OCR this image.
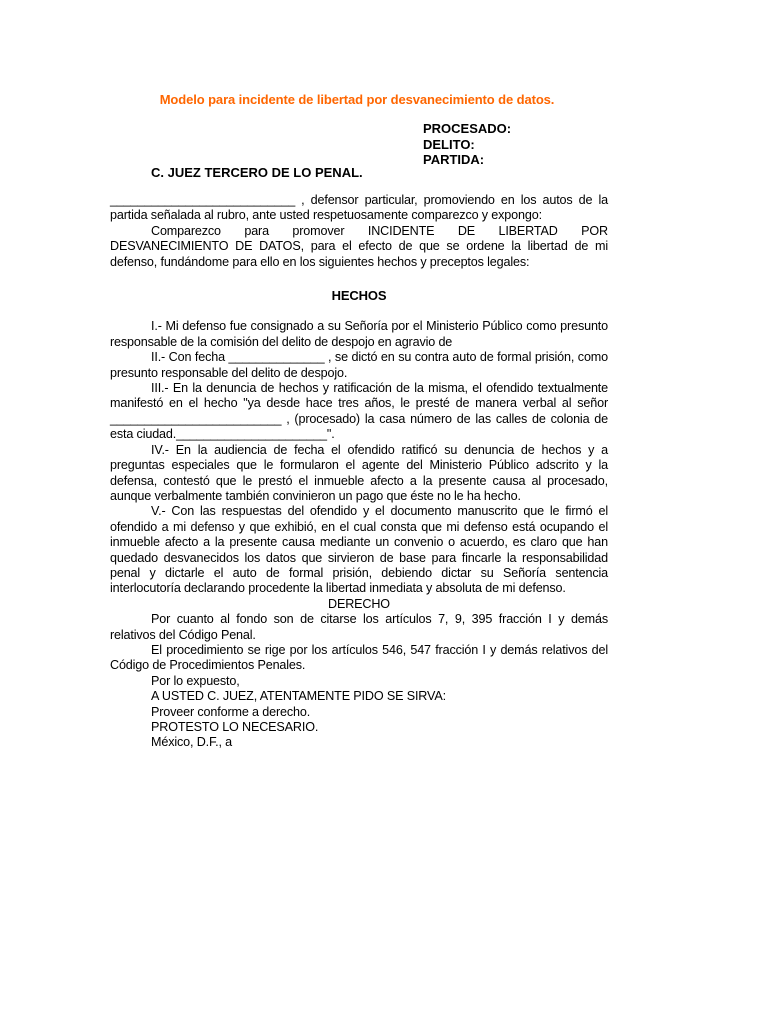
Modelo para incidente de libertad por desvanecimiento de datos.
PROCESADO:
DELITO:
PARTIDA:
C. JUEZ TERCERO DE LO PENAL.

___________________________ , defensor particular, promoviendo en los autos de la partida señalada al rubro, ante usted respetuosamente comparezco y expongo:

Comparezco para promover INCIDENTE DE LIBERTAD POR DESVANECIMIENTO DE DATOS, para el efecto de que se ordene la libertad de mi defenso, fundándome para ello en los siguientes hechos y preceptos legales:

HECHOS

I.- Mi defenso fue consignado a su Señoría por el Ministerio Público como presunto responsable de la comisión del delito de despojo en agravio de

II.- Con fecha ______________ , se dictó en su contra auto de formal prisión, como presunto responsable del delito de despojo.

III.- En la denuncia de hechos y ratificación de la misma, el ofendido textualmente manifestó en el hecho "ya desde hace tres años, le presté de manera verbal al señor _________________________ , (procesado) la casa número de las calles de colonia de esta ciudad.______________________".

IV.- En la audiencia de fecha el ofendido ratificó su denuncia de hechos y a preguntas especiales que le formularon el agente del Ministerio Público adscrito y la defensa, contestó que le prestó el inmueble afecto a la presente causa al procesado, aunque verbalmente también convinieron un pago que éste no le ha hecho.

V.- Con las respuestas del ofendido y el documento manuscrito que le firmó el ofendido a mi defenso y que exhibió, en el cual consta que mi defenso está ocupando el inmueble afecto a la presente causa mediante un convenio o acuerdo, es claro que han quedado desvanecidos los datos que sirvieron de base para fincarle la responsabilidad penal y dictarle el auto de formal prisión, debiendo dictar su Señoría sentencia interlocutoría declarando procedente la libertad inmediata y absoluta de mi defenso.

DERECHO

Por cuanto al fondo son de citarse los artículos 7, 9, 395 fracción I y demás relativos del Código Penal.

El procedimiento se rige por los artículos 546, 547 fracción I y demás relativos del Código de Procedimientos Penales.

Por lo expuesto,

A USTED C. JUEZ, ATENTAMENTE PIDO SE SIRVA:

Proveer conforme a derecho.

PROTESTO LO NECESARIO.

México, D.F., a
